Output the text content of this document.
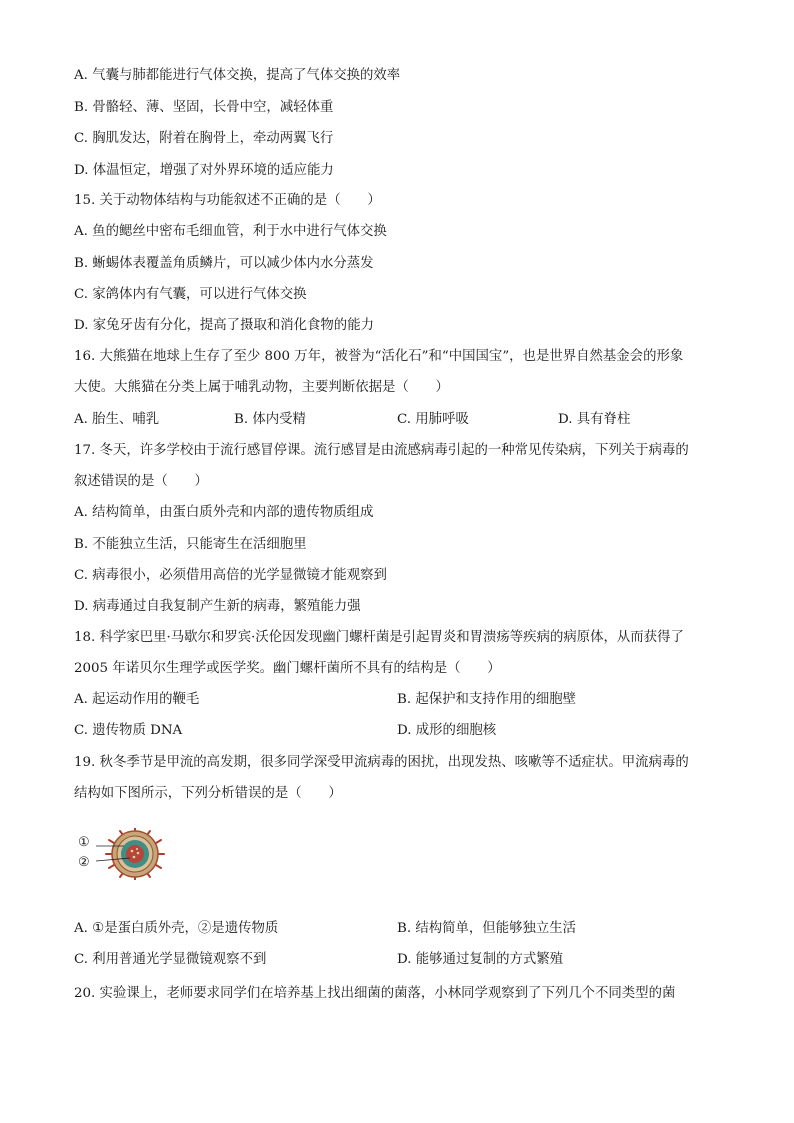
A. 气囊与肺都能进行气体交换，提高了气体交换的效率
B. 骨骼轻、薄、坚固，长骨中空，减轻体重
C. 胸肌发达，附着在胸骨上，牵动两翼飞行
D. 体温恒定，增强了对外界环境的适应能力
15. 关于动物体结构与功能叙述不正确的是（　　）
A. 鱼的鳃丝中密布毛细血管，利于水中进行气体交换
B. 蜥蜴体表覆盖角质鳞片，可以减少体内水分蒸发
C. 家鸽体内有气囊，可以进行气体交换
D. 家兔牙齿有分化，提高了摄取和消化食物的能力
16. 大熊猫在地球上生存了至少 800 万年，被誉为“活化石”和“中国国宝”，也是世界自然基金会的形象
大使。大熊猫在分类上属于哺乳动物，主要判断依据是（　　）
A. 胎生、哺乳	B. 体内受精	C. 用肺呼吸	D. 具有脊柱
17. 冬天，许多学校由于流行感冒停课。流行感冒是由流感病毒引起的一种常见传染病，下列关于病毒的
叙述错误的是（　　）
A. 结构简单，由蛋白质外壳和内部的遗传物质组成
B. 不能独立生活，只能寄生在活细胞里
C. 病毒很小，必须借用高倍的光学显微镜才能观察到
D. 病毒通过自我复制产生新的病毒，繁殖能力强
18. 科学家巴里·马歇尔和罗宾·沃伦因发现幽门螺杆菌是引起胃炎和胃溃疡等疾病的病原体，从而获得了
2005 年诺贝尔生理学或医学奖。幽门螺杆菌所不具有的结构是（　　）
A. 起运动作用的鞭毛	B. 起保护和支持作用的细胞壁
C. 遗传物质 DNA	D. 成形的细胞核
19. 秋冬季节是甲流的高发期，很多同学深受甲流病毒的困扰，出现发热、咳嗽等不适症状。甲流病毒的
结构如下图所示，下列分析错误的是（　　）
①
②
A. ①是蛋白质外壳，②是遗传物质	B. 结构简单，但能够独立生活
C. 利用普通光学显微镜观察不到	D. 能够通过复制的方式繁殖
20. 实验课上，老师要求同学们在培养基上找出细菌的菌落，小林同学观察到了下列几个不同类型的菌
